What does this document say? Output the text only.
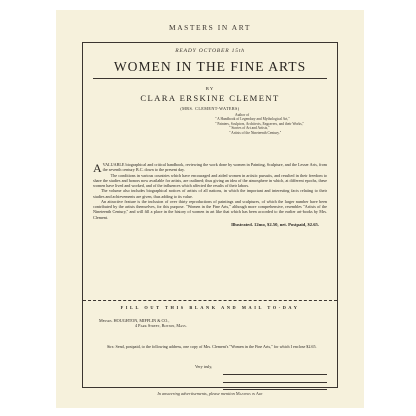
MASTERS IN ART
READY OCTOBER 15th
WOMEN IN THE FINE ARTS
BY
CLARA ERSKINE CLEMENT
(MRS. CLEMENT-WATERS)
Author of
" A Handbook of Legendary and Mythological Art,"
" Painters, Sculptors, Architects, Engravers, and their Works,"
" Stories of Art and Artists,"
" Artists of the Nineteenth Century."

AVALUABLE biographical and critical handbook, reviewing the work done by women in Painting, Sculpture, and the Lesser Arts, from the seventh century B.C. down to the present day.

The conditions in various countries which have encouraged and aided women in artistic pursuits, and resulted in their freedom to share the studies and honors now available for artists, are outlined; thus giving an idea of the atmosphere in which, at different epochs, these women have lived and worked, and of the influences which affected the results of their labors.

The volume also includes biographical notices of artists of all nations, in which the important and interesting facts relating to their studies and achievements are given, thus adding to its value.

An attractive feature is the inclusion of over thirty reproductions of paintings and sculptures, of which the larger number have been contributed by the artists themselves, for this purpose. "Women in the Fine Arts," although more comprehensive, resembles "Artists of the Nineteenth Century," and will fill a place in the history of women in art like that which has been accorded to the earlier art-books by Mrs. Clement.

Illustrated. 12mo, $2.50, net. Postpaid, $2.65.
FILL OUT THIS BLANK AND MAIL TO-DAY
Messrs. HOUGHTON, MIFFLIN & CO.,
4 Park Street, Boston, Mass.

Sirs: Send, postpaid, to the following address, one copy of Mrs. Clement's "Women in the Fine Arts," for which I enclose $2.65.

Very truly,
In answering advertisements, please mention Masters in Art
